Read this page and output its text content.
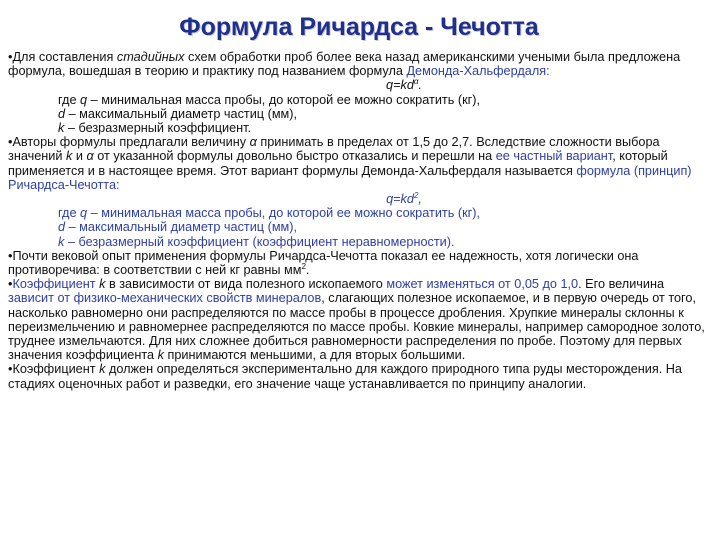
Формула Ричардса - Чечотта

•Для составления стадийных схем обработки проб более века назад американскими учеными была предложена формула, вошедшая в теорию и практику под названием формула Демонда-Хальфердаля:

$q=kd^\alpha$.

где q – минимальная масса пробы, до которой ее можно сократить (кг),

d – максимальный диаметр частиц (мм),

k – безразмерный коэффициент.

•Авторы формулы предлагали величину α принимать в пределах от 1,5 до 2,7. Вследствие сложности выбора значений k и α от указанной формулы довольно быстро отказались и перешли на ее частный вариант, который применяется и в настоящее время. Этот вариант формулы Демонда-Хальфердаля называется формула (принцип) Ричардса-Чечотта:

$q=kd^2$,

где q – минимальная масса пробы, до которой ее можно сократить (кг),

d – максимальный диаметр частиц (мм),

k – безразмерный коэффициент (коэффициент неравномерности).

•Почти вековой опыт применения формулы Ричардса-Чечотта показал ее надежность, хотя логически она противоречива: в соответствии с ней кг равны $мм^2$.

•Коэффициент k в зависимости от вида полезного ископаемого может изменяться от 0,05 до 1,0. Его величина зависит от физико-механических свойств минералов, слагающих полезное ископаемое, и в первую очередь от того, насколько равномерно они распределяются по массе пробы в процессе дробления. Хрупкие минералы склонны к переизмельчению и равномернее распределяются по массе пробы. Ковкие минералы, например самородное золото, труднее измельчаются. Для них сложнее добиться равномерности распределения по пробе. Поэтому для первых значения коэффициента k принимаются меньшими, а для вторых большими.

•Коэффициент k должен определяться экспериментально для каждого природного типа руды месторождения. На стадиях оценочных работ и разведки, его значение чаще устанавливается по принципу аналогии.
